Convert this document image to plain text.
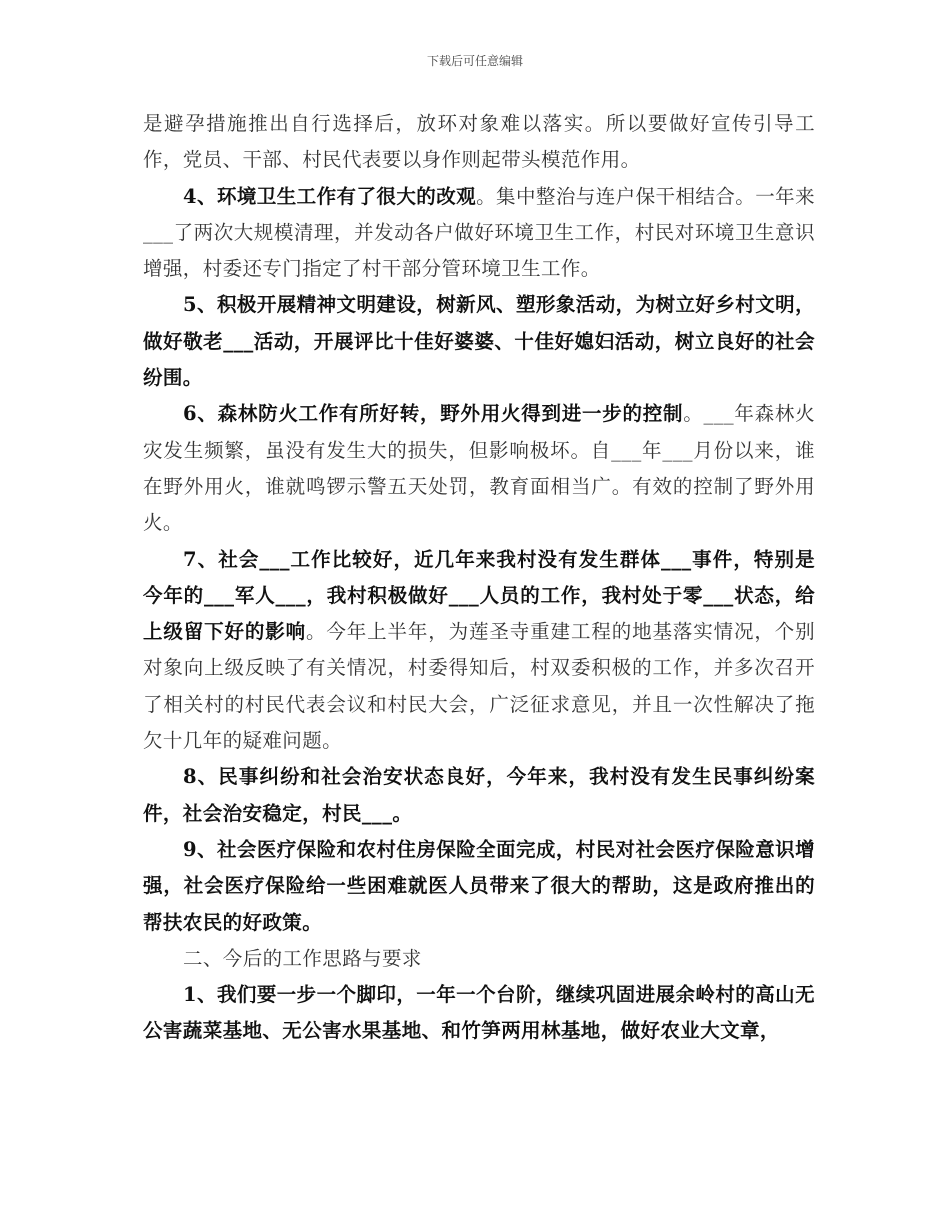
下载后可任意编辑

是避孕措施推出自行选择后，放环对象难以落实。所以要做好宣传引导工作，党员、干部、村民代表要以身作则起带头模范作用。

4、环境卫生工作有了很大的改观。集中整治与连户保干相结合。一年来___了两次大规模清理，并发动各户做好环境卫生工作，村民对环境卫生意识增强，村委还专门指定了村干部分管环境卫生工作。

5、积极开展精神文明建设，树新风、塑形象活动，为树立好乡村文明，做好敬老___活动，开展评比十佳好婆婆、十佳好媳妇活动，树立良好的社会纷围。

6、森林防火工作有所好转，野外用火得到进一步的控制。___年森林火灾发生频繁，虽没有发生大的损失，但影响极坏。自___年___月份以来，谁在野外用火，谁就鸣锣示警五天处罚，教育面相当广。有效的控制了野外用火。

7、社会___工作比较好，近几年来我村没有发生群体___事件，特别是今年的___军人___，我村积极做好___人员的工作，我村处于零___状态，给上级留下好的影响。今年上半年，为莲圣寺重建工程的地基落实情况，个别对象向上级反映了有关情况，村委得知后，村双委积极的工作，并多次召开了相关村的村民代表会议和村民大会，广泛征求意见，并且一次性解决了拖欠十几年的疑难问题。

8、民事纠纷和社会治安状态良好，今年来，我村没有发生民事纠纷案件，社会治安稳定，村民___。

9、社会医疗保险和农村住房保险全面完成，村民对社会医疗保险意识增强，社会医疗保险给一些困难就医人员带来了很大的帮助，这是政府推出的帮扶农民的好政策。

二、今后的工作思路与要求

1、我们要一步一个脚印，一年一个台阶，继续巩固进展余岭村的高山无公害蔬菜基地、无公害水果基地、和竹笋两用林基地，做好农业大文章，
